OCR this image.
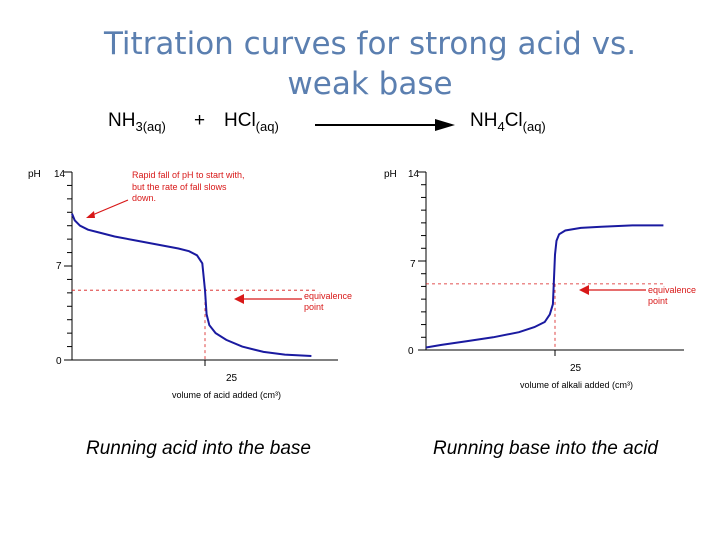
Titration curves for strong acid vs. weak base
$NH_{3(aq)} + HCl_{(aq)}$	$NH_4Cl_{(aq)}$
pH 14
7
0
25
volume of acid added (cm³)
Rapid fall of pH to start with, but the rate of fall slows down.
equivalence point
pH 14
7
0
25
volume of alkali added (cm³)
equivalence point
Running acid into the base	Running base into the acid
